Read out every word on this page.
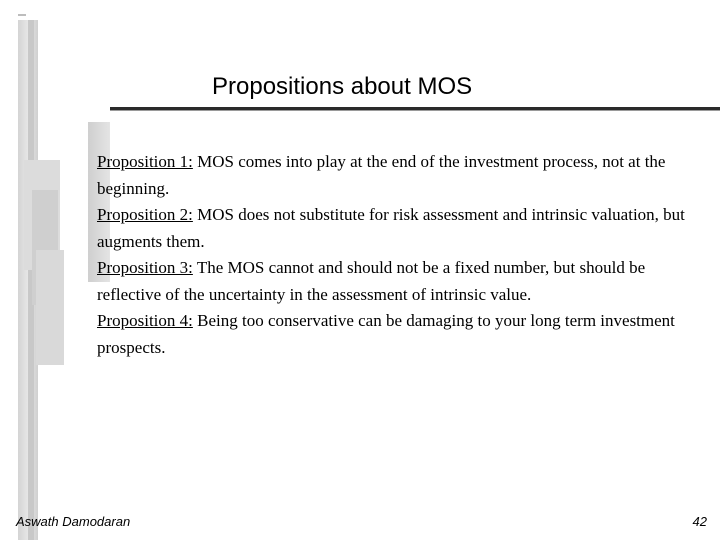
Propositions about MOS

Proposition 1: MOS comes into play at the end of the investment process, not at the beginning.

Proposition 2: MOS does not substitute for risk assessment and intrinsic valuation, but augments them.

Proposition 3: The MOS cannot and should not be a fixed number, but should be reflective of the uncertainty in the assessment of intrinsic value.

Proposition 4: Being too conservative can be damaging to your long term investment prospects.

Aswath Damodaran	42
